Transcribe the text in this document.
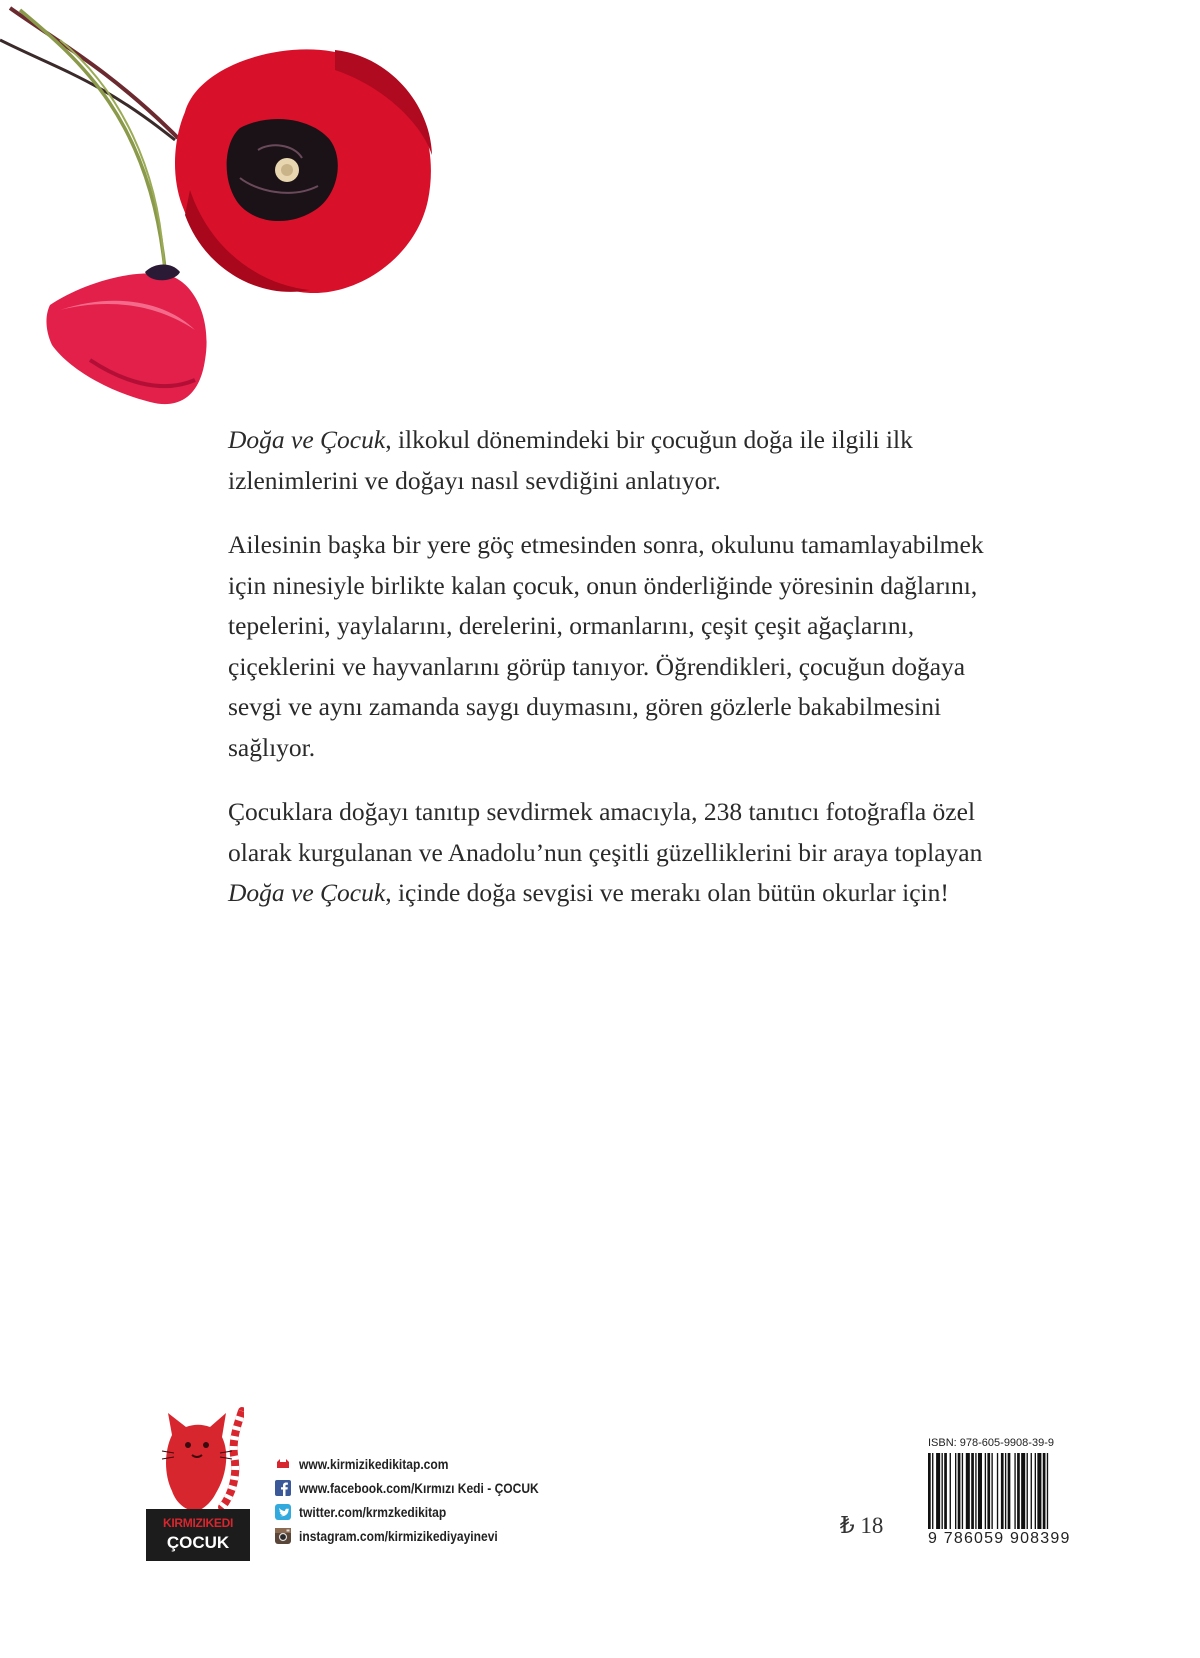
Doğa ve Çocuk, ilkokul dönemindeki bir çocuğun doğa ile ilgili ilk izlenimlerini ve doğayı nasıl sevdiğini anlatıyor.

Ailesinin başka bir yere göç etmesinden sonra, okulunu tamamlayabilmek için ninesiyle birlikte kalan çocuk, onun önderliğinde yöresinin dağlarını, tepelerini, yaylalarını, derelerini, ormanlarını, çeşit çeşit ağaçlarını, çiçeklerini ve hayvanlarını görüp tanıyor. Öğrendikleri, çocuğun doğaya sevgi ve aynı zamanda saygı duymasını, gören gözlerle bakabilmesini sağlıyor.

Çocuklara doğayı tanıtıp sevdirmek amacıyla, 238 tanıtıcı fotoğrafla özel olarak kurgulanan ve Anadolu’nun çeşitli güzelliklerini bir araya toplayan Doğa ve Çocuk, içinde doğa sevgisi ve merakı olan bütün okurlar için!

KIRMIZIKEDI
ÇOCUK
www.kirmizikedikitap.com
www.facebook.com/Kırmızı Kedi - ÇOCUK
twitter.com/krmzkedikitap
instagram.com/kirmizikediyayinevi	₺ 18
ISBN: 978-605-9908-39-9
9 786059 908399
